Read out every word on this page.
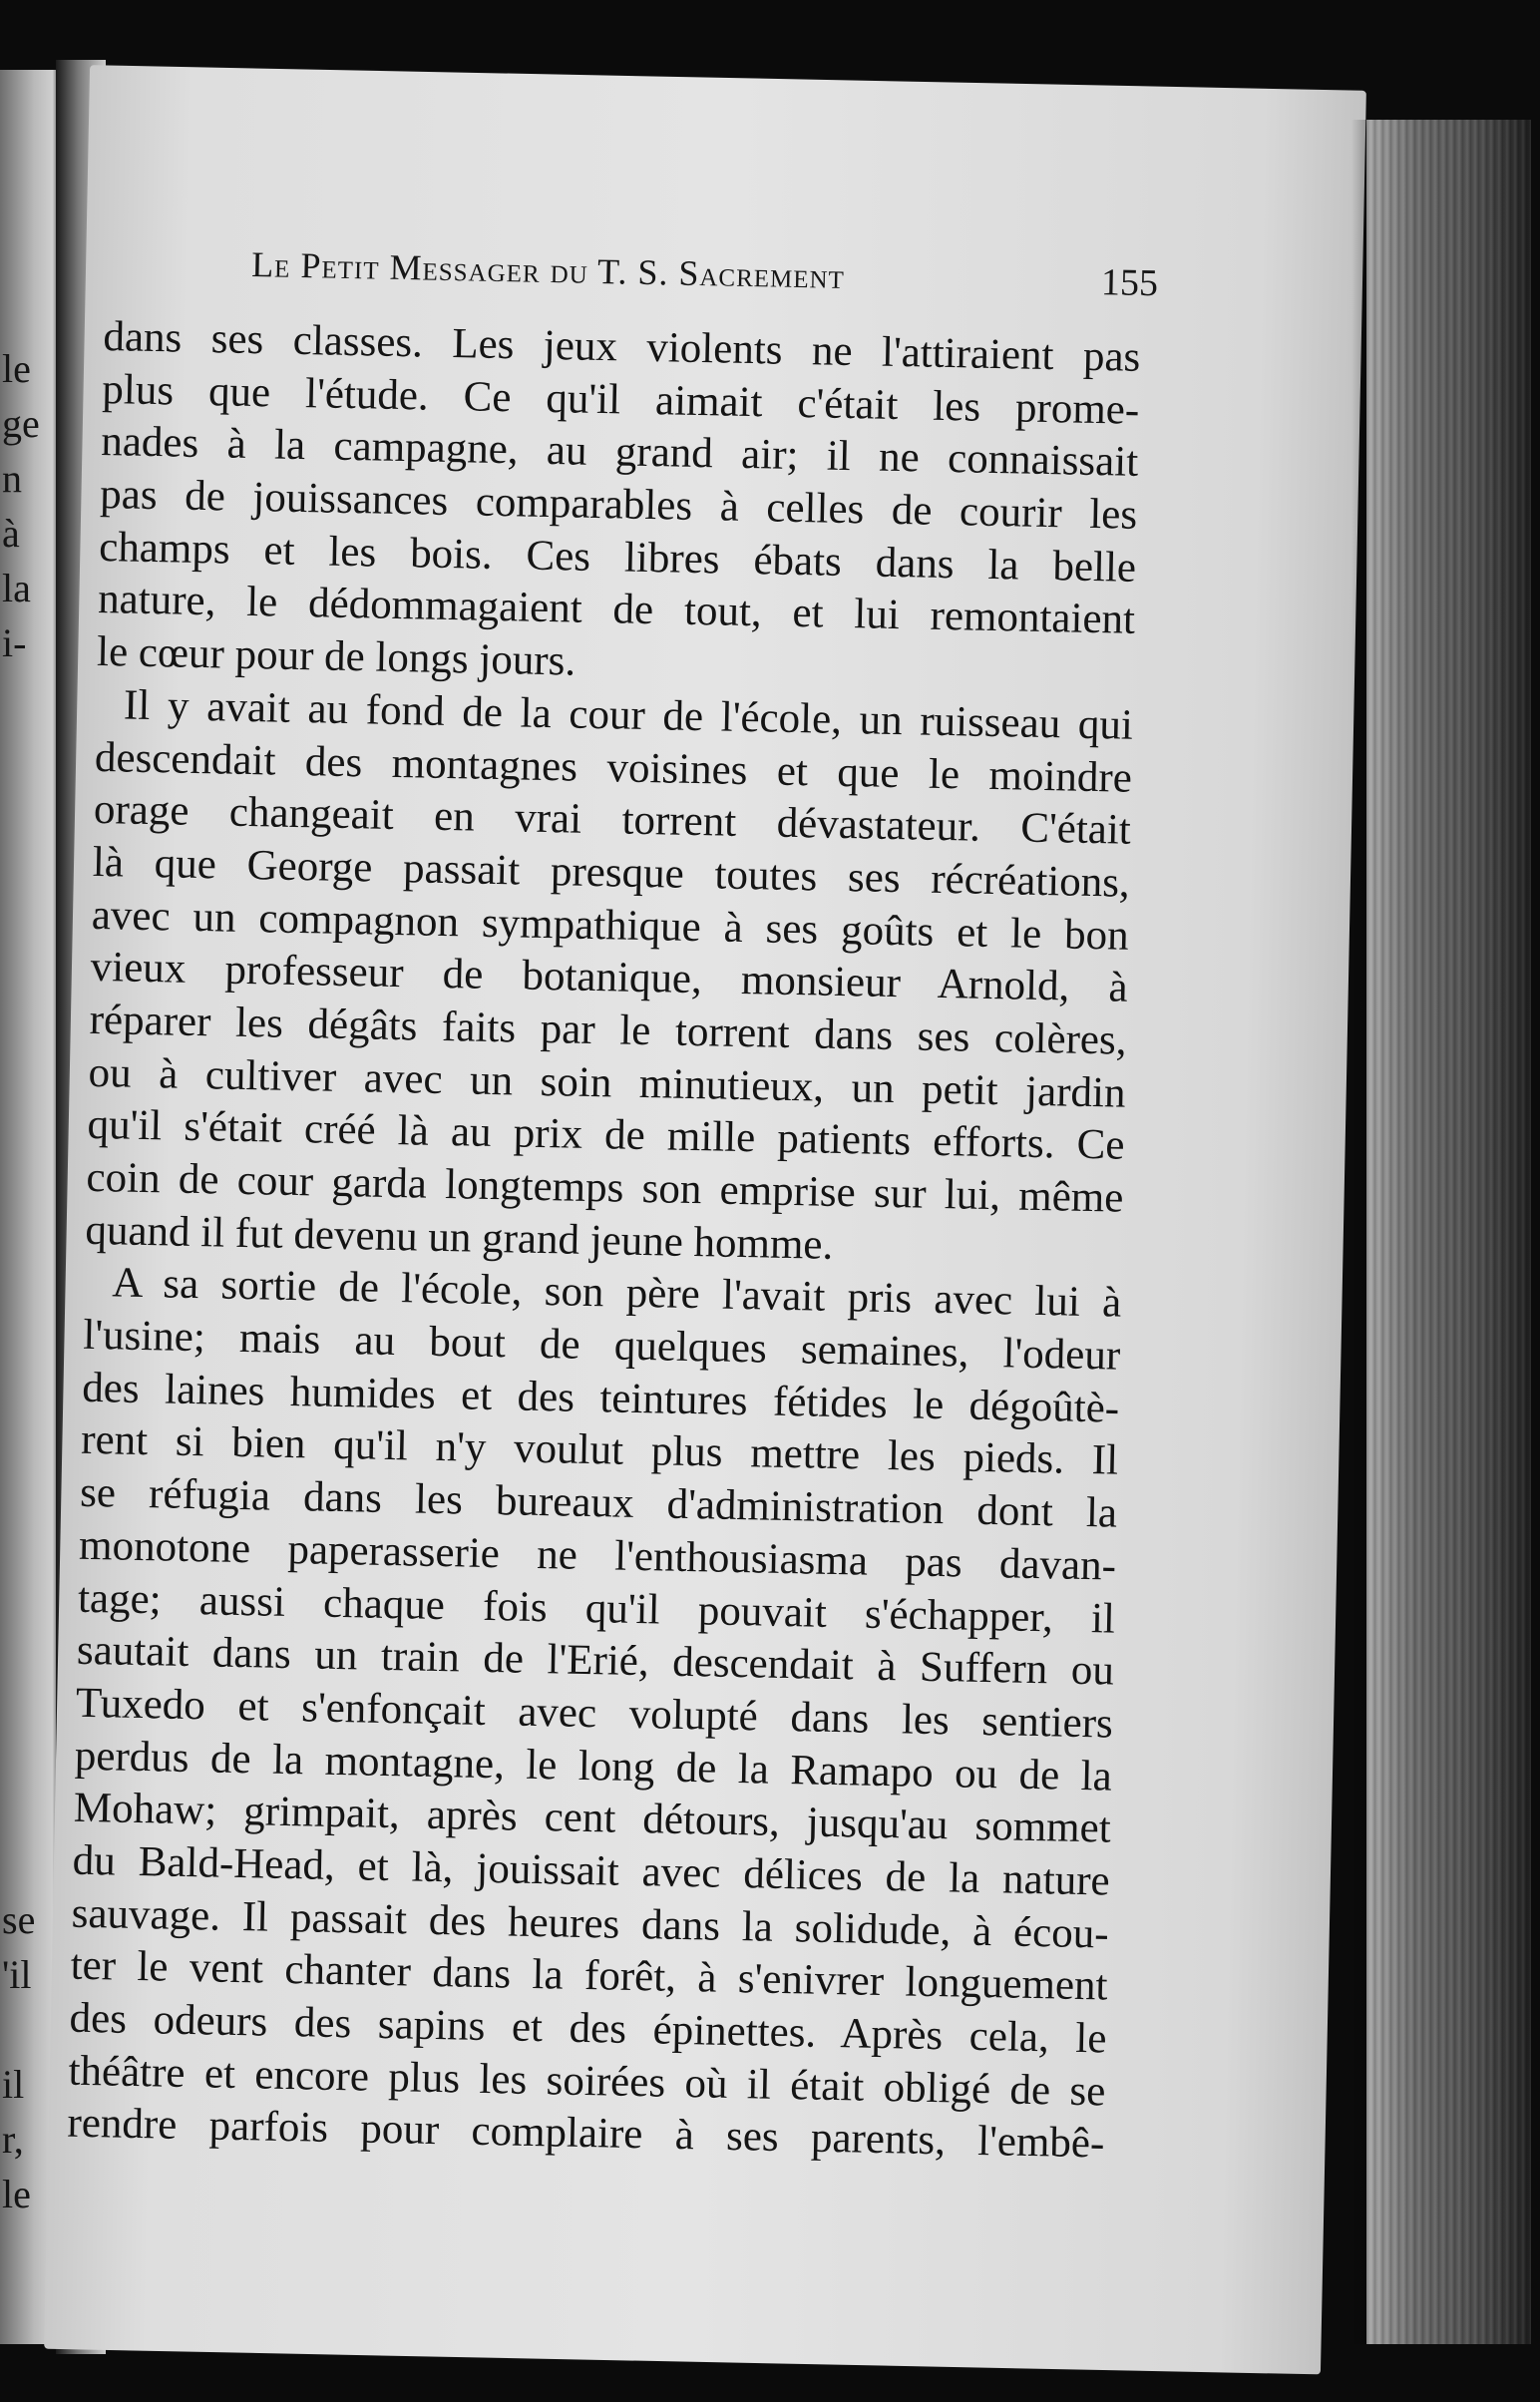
le
ge
n
à
la
i-
se
'il
il
r,
le
Le Petit Messager du T. S. Sacrement	155
dans ses classes. Les jeux violents ne l'attiraient pas
plus que l'étude. Ce qu'il aimait c'était les prome-
nades à la campagne, au grand air; il ne connaissait
pas de jouissances comparables à celles de courir les
champs et les bois. Ces libres ébats dans la belle
nature, le dédommagaient de tout, et lui remontaient
le cœur pour de longs jours.
Il y avait au fond de la cour de l'école, un ruisseau qui
descendait des montagnes voisines et que le moindre
orage changeait en vrai torrent dévastateur. C'était
là que George passait presque toutes ses récréations,
avec un compagnon sympathique à ses goûts et le bon
vieux professeur de botanique, monsieur Arnold, à
réparer les dégâts faits par le torrent dans ses colères,
ou à cultiver avec un soin minutieux, un petit jardin
qu'il s'était créé là au prix de mille patients efforts. Ce
coin de cour garda longtemps son emprise sur lui, même
quand il fut devenu un grand jeune homme.
A sa sortie de l'école, son père l'avait pris avec lui à
l'usine; mais au bout de quelques semaines, l'odeur
des laines humides et des teintures fétides le dégoûtè-
rent si bien qu'il n'y voulut plus mettre les pieds. Il
se réfugia dans les bureaux d'administration dont la
monotone paperasserie ne l'enthousiasma pas davan-
tage; aussi chaque fois qu'il pouvait s'échapper, il
sautait dans un train de l'Erié, descendait à Suffern ou
Tuxedo et s'enfonçait avec volupté dans les sentiers
perdus de la montagne, le long de la Ramapo ou de la
Mohaw; grimpait, après cent détours, jusqu'au sommet
du Bald-Head, et là, jouissait avec délices de la nature
sauvage. Il passait des heures dans la solidude, à écou-
ter le vent chanter dans la forêt, à s'enivrer longuement
des odeurs des sapins et des épinettes. Après cela, le
théâtre et encore plus les soirées où il était obligé de se
rendre parfois pour complaire à ses parents, l'embê-
